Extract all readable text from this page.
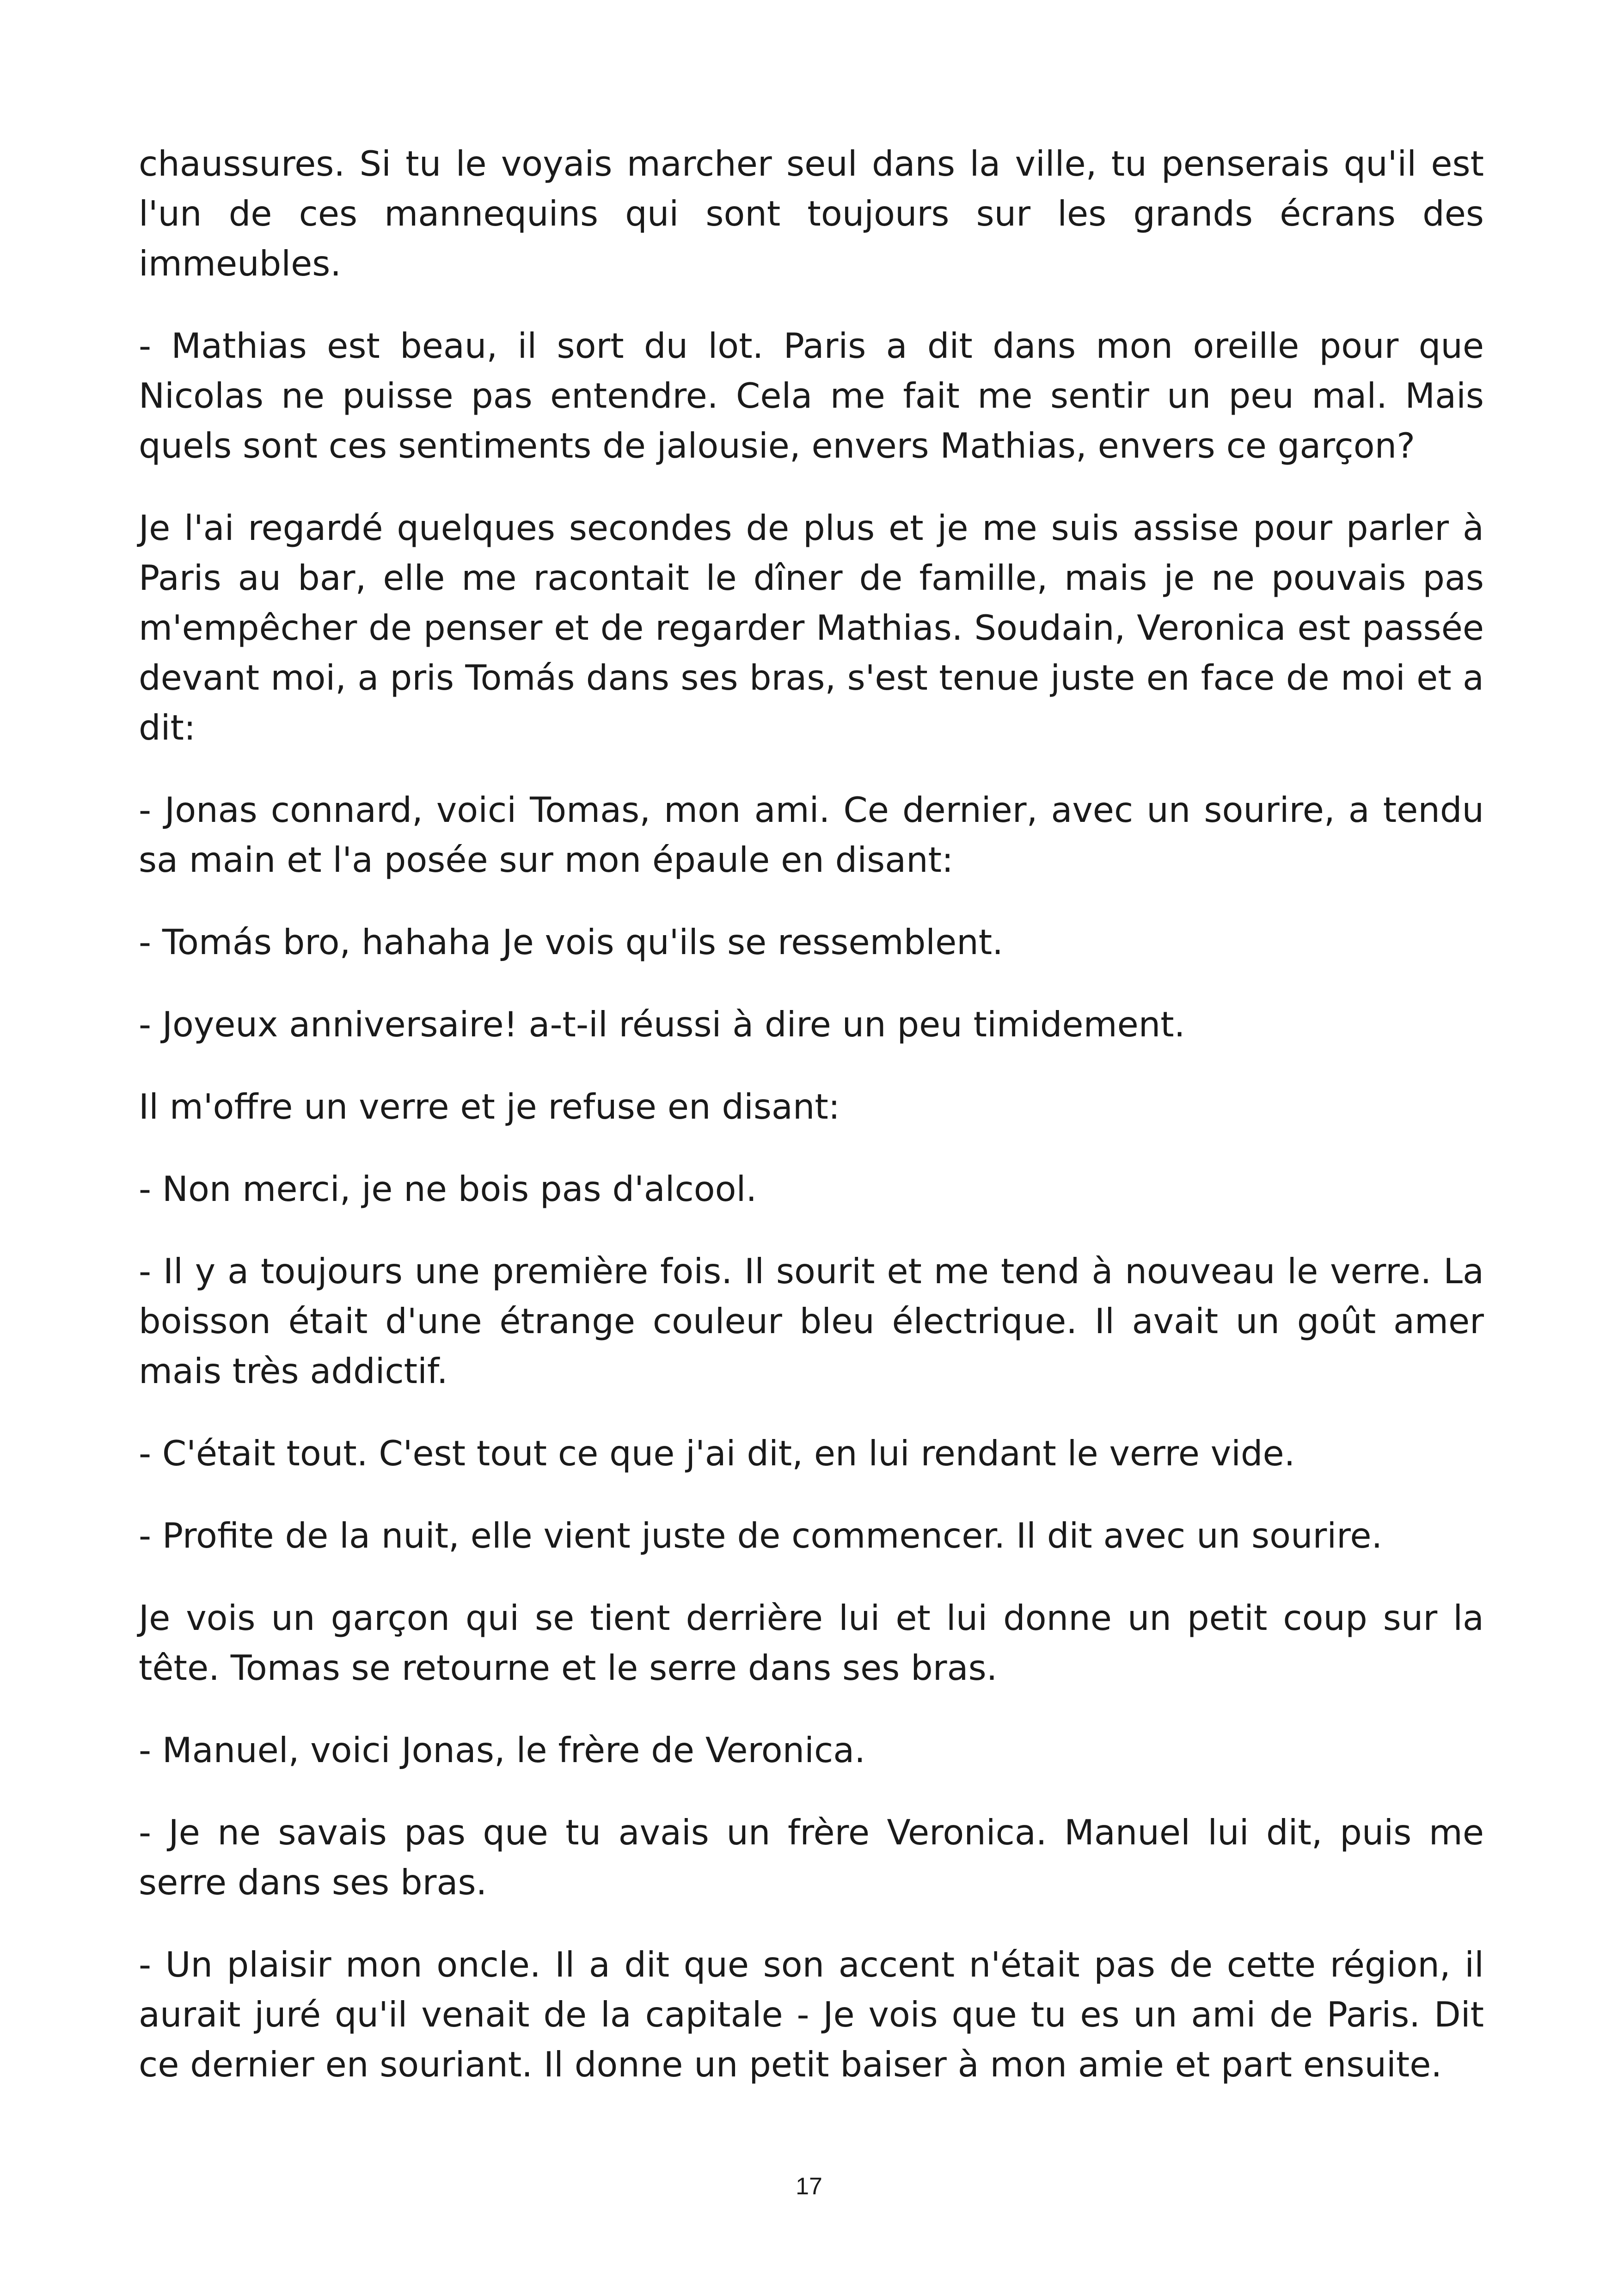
chaussures. Si tu le voyais marcher seul dans la ville, tu penserais qu'il est l'un de ces mannequins qui sont toujours sur les grands écrans des immeubles.

- Mathias est beau, il sort du lot. Paris a dit dans mon oreille pour que Nicolas ne puisse pas entendre. Cela me fait me sentir un peu mal. Mais quels sont ces sentiments de jalousie, envers Mathias, envers ce garçon?

Je l'ai regardé quelques secondes de plus et je me suis assise pour parler à Paris au bar, elle me racontait le dîner de famille, mais je ne pouvais pas m'empêcher de penser et de regarder Mathias. Soudain, Veronica est passée devant moi, a pris Tomás dans ses bras, s'est tenue juste en face de moi et a dit:

- Jonas connard, voici Tomas, mon ami. Ce dernier, avec un sourire, a tendu sa main et l'a posée sur mon épaule en disant:

- Tomás bro, hahaha Je vois qu'ils se ressemblent.

- Joyeux anniversaire! a-t-il réussi à dire un peu timidement.

Il m'offre un verre et je refuse en disant:

- Non merci, je ne bois pas d'alcool.

- Il y a toujours une première fois. Il sourit et me tend à nouveau le verre. La boisson était d'une étrange couleur bleu électrique. Il avait un goût amer mais très addictif.

- C'était tout. C'est tout ce que j'ai dit, en lui rendant le verre vide.

- Profite de la nuit, elle vient juste de commencer. Il dit avec un sourire.

Je vois un garçon qui se tient derrière lui et lui donne un petit coup sur la tête. Tomas se retourne et le serre dans ses bras.

- Manuel, voici Jonas, le frère de Veronica.

- Je ne savais pas que tu avais un frère Veronica. Manuel lui dit, puis me serre dans ses bras.

- Un plaisir mon oncle. Il a dit que son accent n'était pas de cette région, il aurait juré qu'il venait de la capitale - Je vois que tu es un ami de Paris. Dit ce dernier en souriant. Il donne un petit baiser à mon amie et part ensuite.

17
